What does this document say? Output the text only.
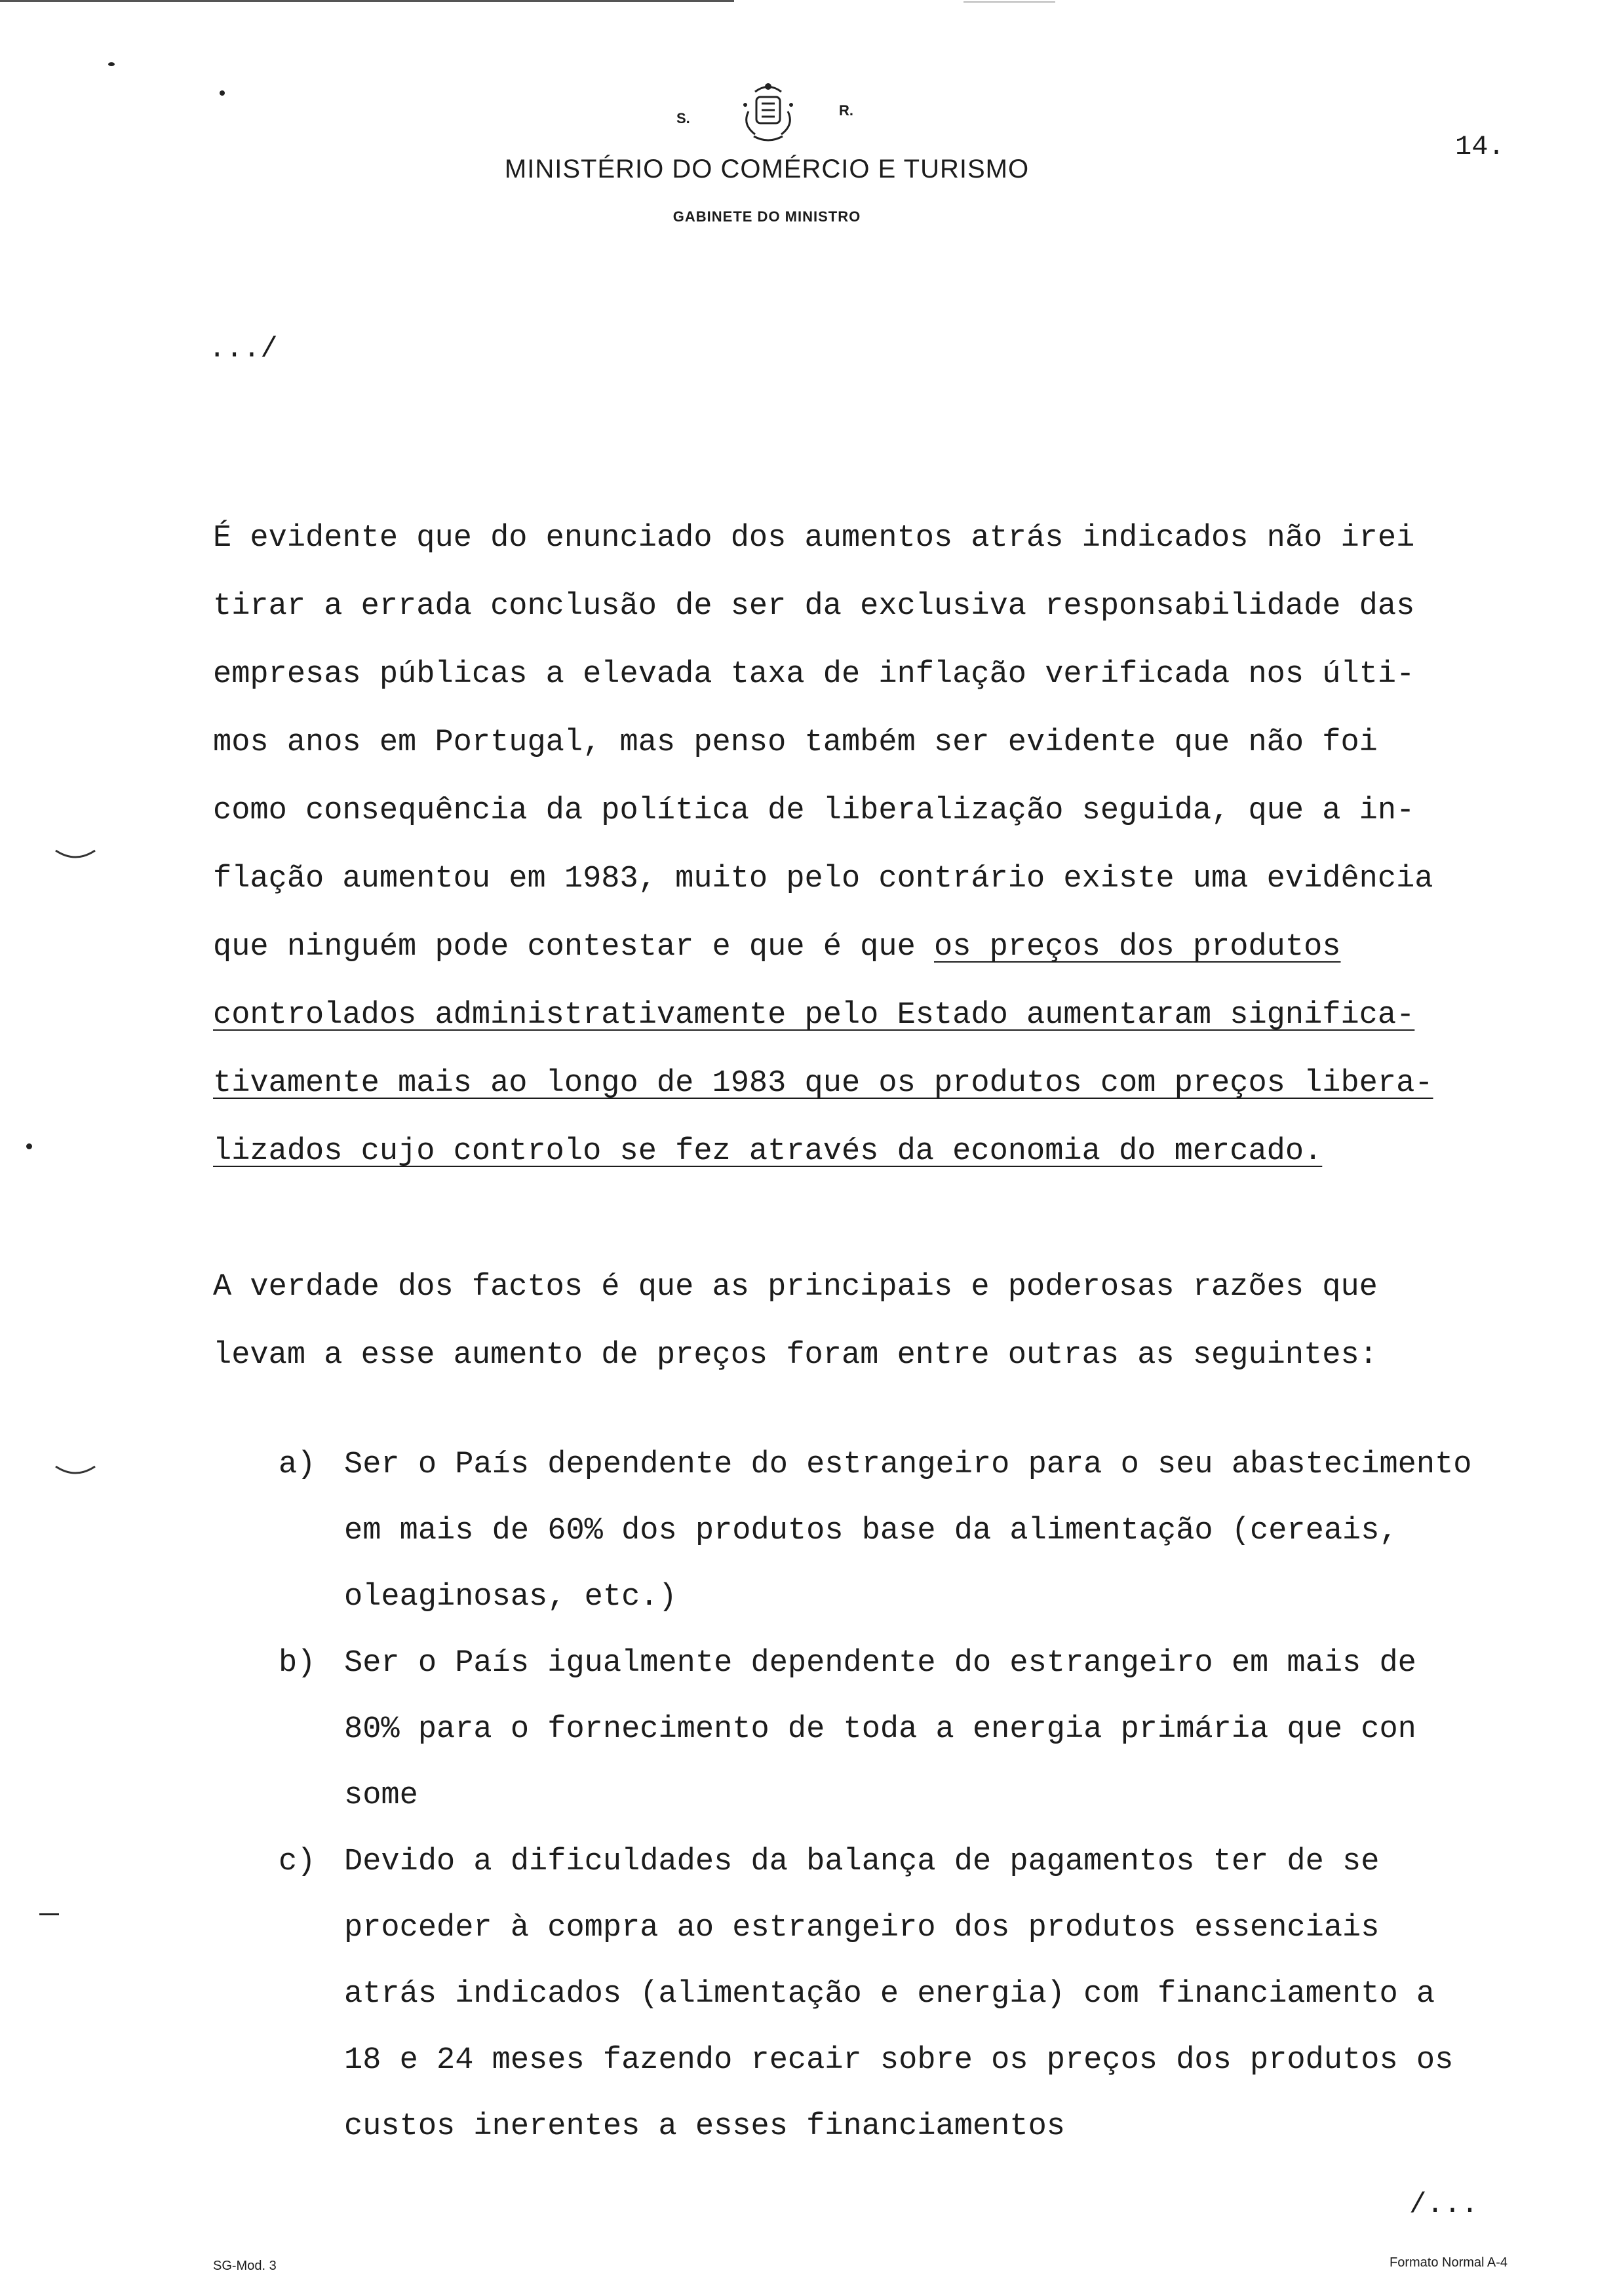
S.	R.
MINISTÉRIO DO COMÉRCIO E TURISMO
GABINETE DO MINISTRO
14.
.../
É evidente que do enunciado dos aumentos atrás indicados não irei
tirar a errada conclusão de ser da exclusiva responsabilidade das
empresas públicas a elevada taxa de inflação verificada nos últi-
mos anos em Portugal, mas penso também ser evidente que não foi
como consequência da política de liberalização seguida, que a in-
flação aumentou em 1983, muito pelo contrário existe uma evidência
que ninguém pode contestar e que é que os preços dos produtos
controlados administrativamente pelo Estado aumentaram significa-
tivamente mais ao longo de 1983 que os produtos com preços libera-
lizados cujo controlo se fez através da economia do mercado.
A verdade dos factos é que as principais e poderosas razões que
levam a esse aumento de preços foram entre outras as seguintes:
a) Ser o País dependente do estrangeiro para o seu abastecimento
em mais de 60% dos produtos base da alimentação (cereais,
oleaginosas, etc.)
b) Ser o País igualmente dependente do estrangeiro em mais de
80% para o fornecimento de toda a energia primária que con
some
c) Devido a dificuldades da balança de pagamentos ter de se
proceder à compra ao estrangeiro dos produtos essenciais
atrás indicados (alimentação e energia) com financiamento a
18 e 24 meses fazendo recair sobre os preços dos produtos os
custos inerentes a esses financiamentos
/...
SG-Mod. 3	Formato Normal A-4
